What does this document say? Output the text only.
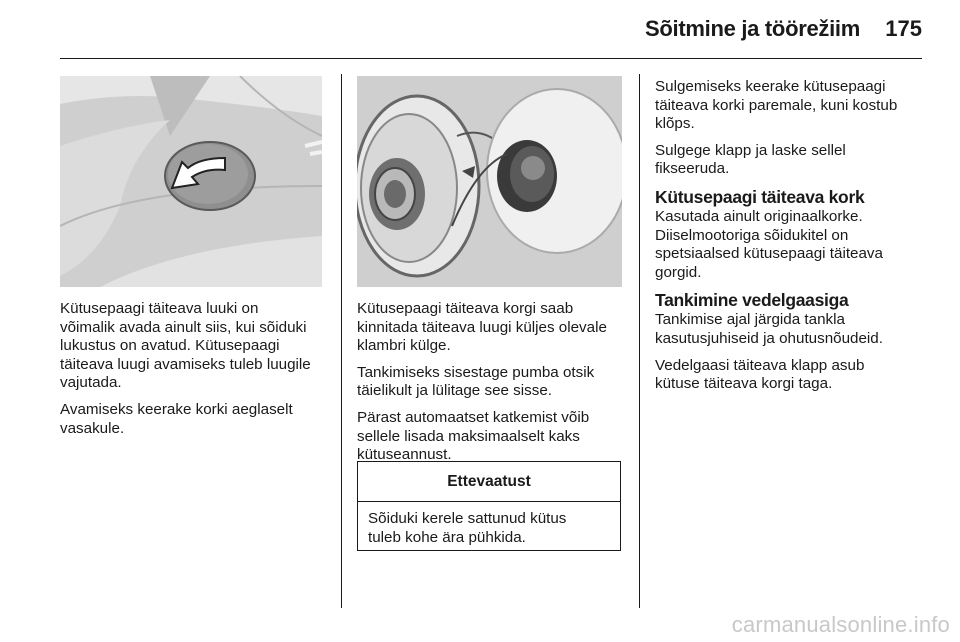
Sõitmine ja töörežiim	175

Kütusepaagi täiteava luuki on
võimalik avada ainult siis, kui sõiduki
lukustus on avatud. Kütusepaagi
täiteava luugi avamiseks tuleb luugile
vajutada.

Avamiseks keerake korki aeglaselt
vasakule.

Kütusepaagi täiteava korgi saab
kinnitada täiteava luugi küljes olevale
klambri külge.

Tankimiseks sisestage pumba otsik
täielikult ja lülitage see sisse.

Pärast automaatset katkemist võib
sellele lisada maksimaalselt kaks
kütuseannust.

Ettevaatust
Sõiduki kerele sattunud kütus
tuleb kohe ära pühkida.

Sulgemiseks keerake kütusepaagi
täiteava korki paremale, kuni kostub
klõps.

Sulgege klapp ja laske sellel
fikseeruda.

Kütusepaagi täiteava kork

Kasutada ainult originaalkorke.
Diiselmootoriga sõidukitel on
spetsiaalsed kütusepaagi täiteava
gorgid.

Tankimine vedelgaasiga

Tankimise ajal järgida tankla
kasutusjuhiseid ja ohutusnõudeid.

Vedelgaasi täiteava klapp asub
kütuse täiteava korgi taga.

carmanualsonline.info
